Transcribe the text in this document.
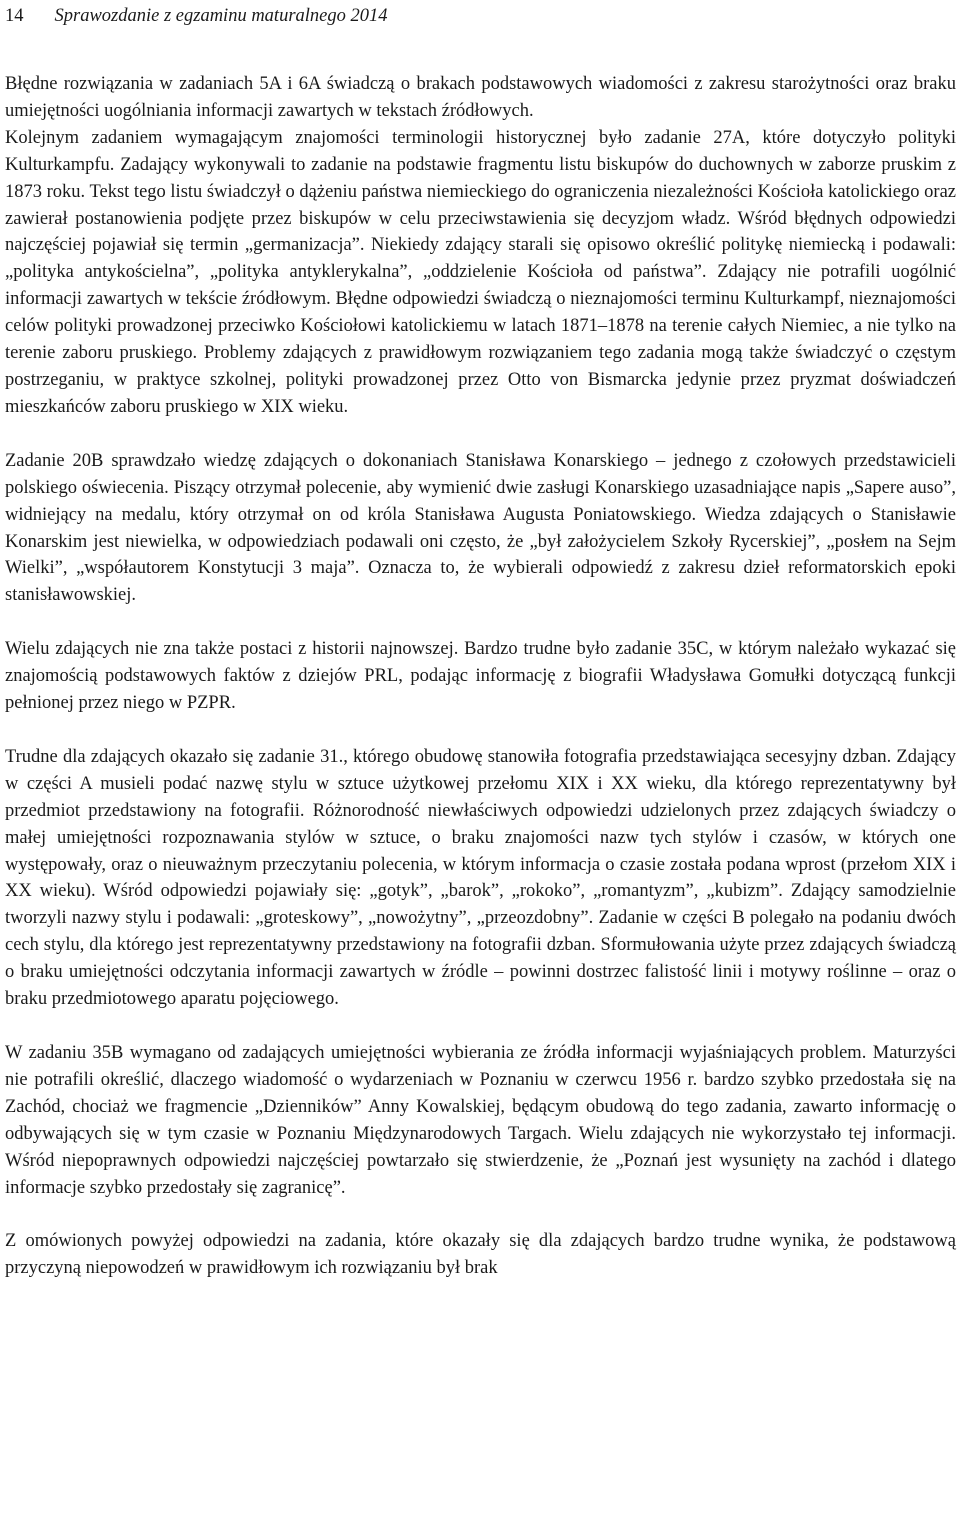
14 Sprawozdanie z egzaminu maturalnego 2014

Błędne rozwiązania w zadaniach 5A i 6A świadczą o brakach podstawowych wiadomości z zakresu starożytności oraz braku umiejętności uogólniania informacji zawartych w tekstach źródłowych.

Kolejnym zadaniem wymagającym znajomości terminologii historycznej było zadanie 27A, które dotyczyło polityki Kulturkampfu. Zadający wykonywali to zadanie na podstawie fragmentu listu biskupów do duchownych w zaborze pruskim z 1873 roku. Tekst tego listu świadczył o dążeniu państwa niemieckiego do ograniczenia niezależności Kościoła katolickiego oraz zawierał postanowienia podjęte przez biskupów w celu przeciwstawienia się decyzjom władz. Wśród błędnych odpowiedzi najczęściej pojawiał się termin „germanizacja”. Niekiedy zdający starali się opisowo określić politykę niemiecką i podawali: „polityka antykościelna”, „polityka antyklerykalna”, „oddzielenie Kościoła od państwa”. Zdający nie potrafili uogólnić informacji zawartych w tekście źródłowym. Błędne odpowiedzi świadczą o nieznajomości terminu Kulturkampf, nieznajomości celów polityki prowadzonej przeciwko Kościołowi katolickiemu w latach 1871–1878 na terenie całych Niemiec, a nie tylko na terenie zaboru pruskiego. Problemy zdających z prawidłowym rozwiązaniem tego zadania mogą także świadczyć o częstym postrzeganiu, w praktyce szkolnej, polityki prowadzonej przez Otto von Bismarcka jedynie przez pryzmat doświadczeń mieszkańców zaboru pruskiego w XIX wieku.

Zadanie 20B sprawdzało wiedzę zdających o dokonaniach Stanisława Konarskiego – jednego z czołowych przedstawicieli polskiego oświecenia. Piszący otrzymał polecenie, aby wymienić dwie zasługi Konarskiego uzasadniające napis „Sapere auso”, widniejący na medalu, który otrzymał on od króla Stanisława Augusta Poniatowskiego. Wiedza zdających o Stanisławie Konarskim jest niewielka, w odpowiedziach podawali oni często, że „był założycielem Szkoły Rycerskiej”, „posłem na Sejm Wielki”, „współautorem Konstytucji 3 maja”. Oznacza to, że wybierali odpowiedź z zakresu dzieł reformatorskich epoki stanisławowskiej.

Wielu zdających nie zna także postaci z historii najnowszej. Bardzo trudne było zadanie 35C, w którym należało wykazać się znajomością podstawowych faktów z dziejów PRL, podając informację z biografii Władysława Gomułki dotyczącą funkcji pełnionej przez niego w PZPR.

Trudne dla zdających okazało się zadanie 31., którego obudowę stanowiła fotografia przedstawiająca secesyjny dzban. Zdający w części A musieli podać nazwę stylu w sztuce użytkowej przełomu XIX i XX wieku, dla którego reprezentatywny był przedmiot przedstawiony na fotografii. Różnorodność niewłaściwych odpowiedzi udzielonych przez zdających świadczy o małej umiejętności rozpoznawania stylów w sztuce, o braku znajomości nazw tych stylów i czasów, w których one występowały, oraz o nieuważnym przeczytaniu polecenia, w którym informacja o czasie została podana wprost (przełom XIX i XX wieku). Wśród odpowiedzi pojawiały się: „gotyk”, „barok”, „rokoko”, „romantyzm”, „kubizm”. Zdający samodzielnie tworzyli nazwy stylu i podawali: „groteskowy”, „nowożytny”, „przeozdobny”. Zadanie w części B polegało na podaniu dwóch cech stylu, dla którego jest reprezentatywny przedstawiony na fotografii dzban. Sformułowania użyte przez zdających świadczą o braku umiejętności odczytania informacji zawartych w źródle – powinni dostrzec falistość linii i motywy roślinne – oraz o braku przedmiotowego aparatu pojęciowego.

W zadaniu 35B wymagano od zadających umiejętności wybierania ze źródła informacji wyjaśniających problem. Maturzyści nie potrafili określić, dlaczego wiadomość o wydarzeniach w Poznaniu w czerwcu 1956 r. bardzo szybko przedostała się na Zachód, chociaż we fragmencie „Dzienników” Anny Kowalskiej, będącym obudową do tego zadania, zawarto informację o odbywających się w tym czasie w Poznaniu Międzynarodowych Targach. Wielu zdających nie wykorzystało tej informacji. Wśród niepoprawnych odpowiedzi najczęściej powtarzało się stwierdzenie, że „Poznań jest wysunięty na zachód i dlatego informacje szybko przedostały się zagranicę”.

Z omówionych powyżej odpowiedzi na zadania, które okazały się dla zdających bardzo trudne wynika, że podstawową przyczyną niepowodzeń w prawidłowym ich rozwiązaniu był brak
